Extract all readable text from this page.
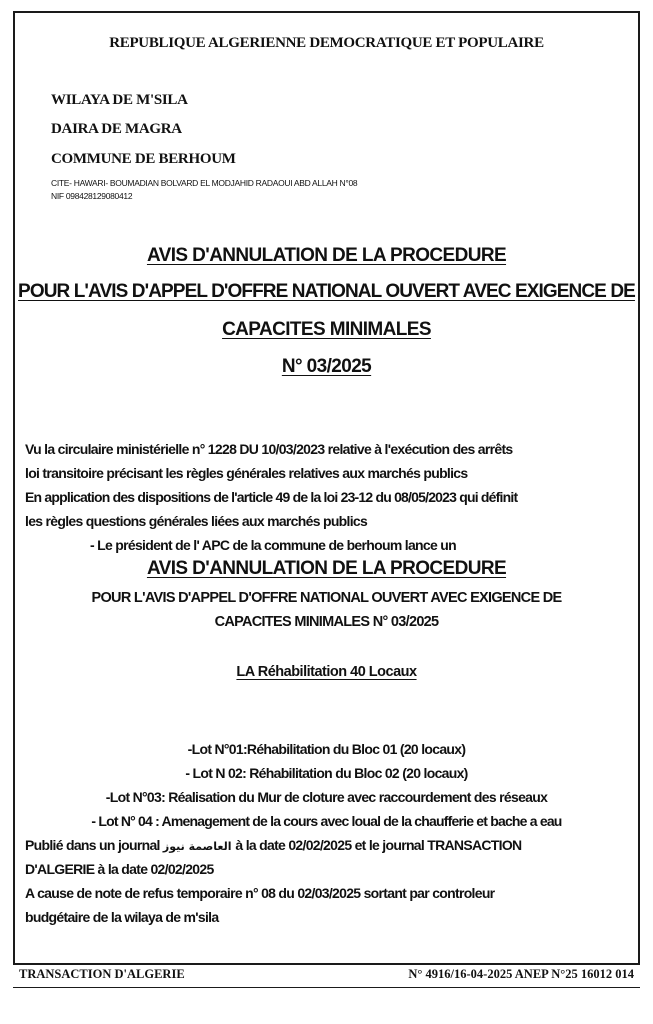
REPUBLIQUE ALGERIENNE DEMOCRATIQUE ET POPULAIRE
WILAYA DE M'SILA
DAIRA DE MAGRA
COMMUNE DE BERHOUM
CITE- HAWARI- BOUMADIAN BOLVARD EL MODJAHID RADAOUI ABD ALLAH N°08
NIF 098428129080412
AVIS D'ANNULATION DE LA PROCEDURE
POUR L'AVIS D'APPEL D'OFFRE NATIONAL OUVERT AVEC EXIGENCE DE
CAPACITES MINIMALES
N° 03/2025
Vu la circulaire ministérielle n° 1228 DU 10/03/2023 relative à l'exécution des arrêts
loi transitoire précisant les règles générales relatives aux marchés publics
En application des dispositions de l'article 49 de la loi 23-12 du 08/05/2023 qui définit
les règles questions générales liées aux marchés publics
- Le président de l' APC de la commune de berhoum lance un
AVIS D'ANNULATION DE LA PROCEDURE
POUR L'AVIS D'APPEL D'OFFRE NATIONAL OUVERT AVEC EXIGENCE DE
CAPACITES MINIMALES N° 03/2025
LA Réhabilitation 40 Locaux
-Lot N°01:Réhabilitation du Bloc 01 (20 locaux)
- Lot N 02: Réhabilitation du Bloc 02 (20 locaux)
-Lot N°03: Réalisation du Mur de cloture avec raccourdement des réseaux
- Lot N° 04 : Amenagement de la cours avec loual de la chaufferie et bache a eau
Publié dans un journal العاصمة نيوز à la date 02/02/2025 et le journal TRANSACTION
D'ALGERIE à la date 02/02/2025
A cause de note de refus temporaire n° 08 du 02/03/2025 sortant par controleur
budgétaire de la wilaya de m'sila
TRANSACTION D'ALGERIE	N° 4916/16-04-2025 ANEP N°25 16012 014
